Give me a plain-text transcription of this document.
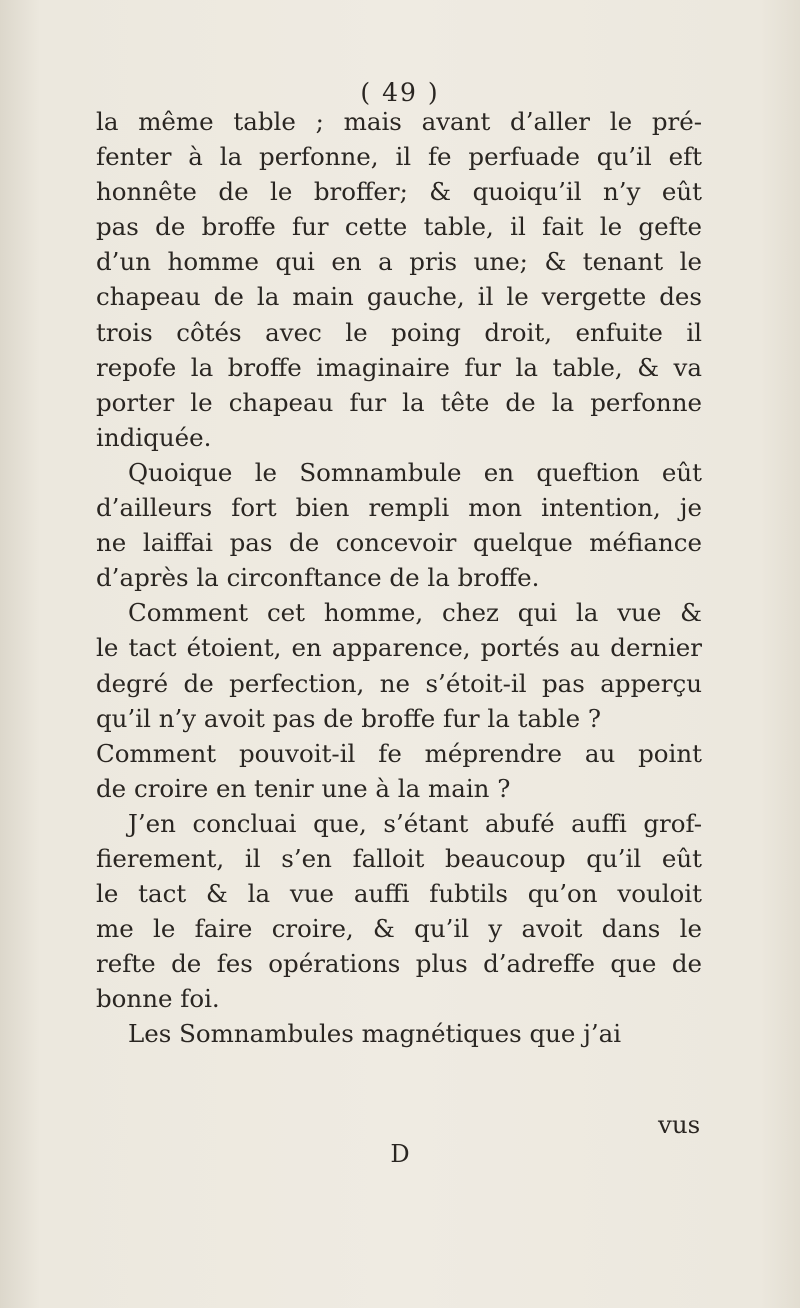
( 49 )
la même table ; mais avant d’aller le pré-
fenter à la perfonne, il fe perfuade qu’il eft
honnête de le broffer; & quoiqu’il n’y eût
pas de broffe fur cette table, il fait le gefte
d’un homme qui en a pris une; & tenant le
chapeau de la main gauche, il le vergette des
trois côtés avec le poing droit, enfuite il
repofe la broffe imaginaire fur la table, & va
porter le chapeau fur la tête de la perfonne
indiquée.
Quoique le Somnambule en queftion eût
d’ailleurs fort bien rempli mon intention, je
ne laiffai pas de concevoir quelque méfiance
d’après la circonftance de la broffe.
Comment cet homme, chez qui la vue &
le tact étoient, en apparence, portés au dernier
degré de perfection, ne s’étoit-il pas apperçu
qu’il n’y avoit pas de broffe fur la table ?
Comment pouvoit-il fe méprendre au point
de croire en tenir une à la main ?
J’en concluai que, s’étant abufé auffi grof-
fierement, il s’en falloit beaucoup qu’il eût
le tact & la vue auffi fubtils qu’on vouloit
me le faire croire, & qu’il y avoit dans le
refte de fes opérations plus d’adreffe que de
bonne foi.
Les Somnambules magnétiques que j’ai
vus
D
